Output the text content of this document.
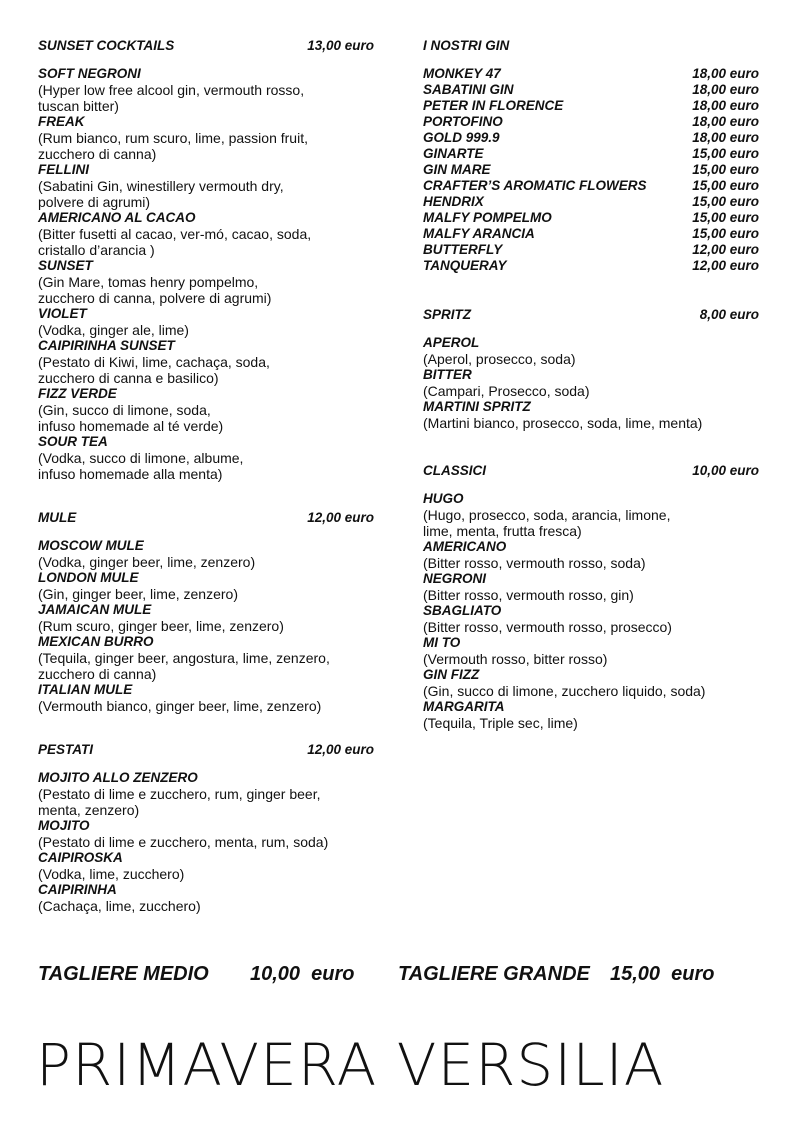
SUNSET COCKTAILS	13,00 euro
SOFT NEGRONI
(Hyper low free alcool gin, vermouth rosso,
tuscan bitter)
FREAK
(Rum bianco, rum scuro, lime, passion fruit,
zucchero di canna)
FELLINI
(Sabatini Gin, winestillery vermouth dry,
polvere di agrumi)
AMERICANO AL CACAO
(Bitter fusetti al cacao, ver-mó, cacao, soda,
cristallo d’arancia )
SUNSET
(Gin Mare, tomas henry pompelmo,
zucchero di canna, polvere di agrumi)
VIOLET
(Vodka, ginger ale, lime)
CAIPIRINHA SUNSET
(Pestato di Kiwi, lime, cachaça, soda,
zucchero di canna e basilico)
FIZZ VERDE
(Gin, succo di limone, soda,
infuso homemade al té verde)
SOUR TEA
(Vodka, succo di limone, albume,
infuso homemade alla menta)
MULE	12,00 euro
MOSCOW MULE
(Vodka, ginger beer, lime, zenzero)
LONDON MULE
(Gin, ginger beer, lime, zenzero)
JAMAICAN MULE
(Rum scuro, ginger beer, lime, zenzero)
MEXICAN BURRO
(Tequila, ginger beer, angostura, lime, zenzero,
zucchero di canna)
ITALIAN MULE
(Vermouth bianco, ginger beer, lime, zenzero)
PESTATI	12,00 euro
MOJITO ALLO ZENZERO
(Pestato di lime e zucchero, rum, ginger beer,
menta, zenzero)
MOJITO
(Pestato di lime e zucchero, menta, rum, soda)
CAIPIROSKA
(Vodka, lime, zucchero)
CAIPIRINHA
(Cachaça, lime, zucchero)
I NOSTRI GIN
MONKEY 47	18,00 euro
SABATINI GIN	18,00 euro
PETER IN FLORENCE	18,00 euro
PORTOFINO	18,00 euro
GOLD 999.9	18,00 euro
GINARTE	15,00 euro
GIN MARE	15,00 euro
CRAFTER’S AROMATIC FLOWERS	15,00 euro
HENDRIX	15,00 euro
MALFY POMPELMO	15,00 euro
MALFY ARANCIA	15,00 euro
BUTTERFLY	12,00 euro
TANQUERAY	12,00 euro
SPRITZ	8,00 euro
APEROL
(Aperol, prosecco, soda)
BITTER
(Campari, Prosecco, soda)
MARTINI SPRITZ
(Martini bianco, prosecco, soda, lime, menta)
CLASSICI	10,00 euro
HUGO
(Hugo, prosecco, soda, arancia, limone,
lime, menta, frutta fresca)
AMERICANO
(Bitter rosso, vermouth rosso, soda)
NEGRONI
(Bitter rosso, vermouth rosso, gin)
SBAGLIATO
(Bitter rosso, vermouth rosso, prosecco)
MI TO
(Vermouth rosso, bitter rosso)
GIN FIZZ
(Gin, succo di limone, zucchero liquido, soda)
MARGARITA
(Tequila, Triple sec, lime)
TAGLIERE MEDIO	10,00  euro TAGLIERE GRANDE	15,00  euro
PRIMAVERA VERSILIA
